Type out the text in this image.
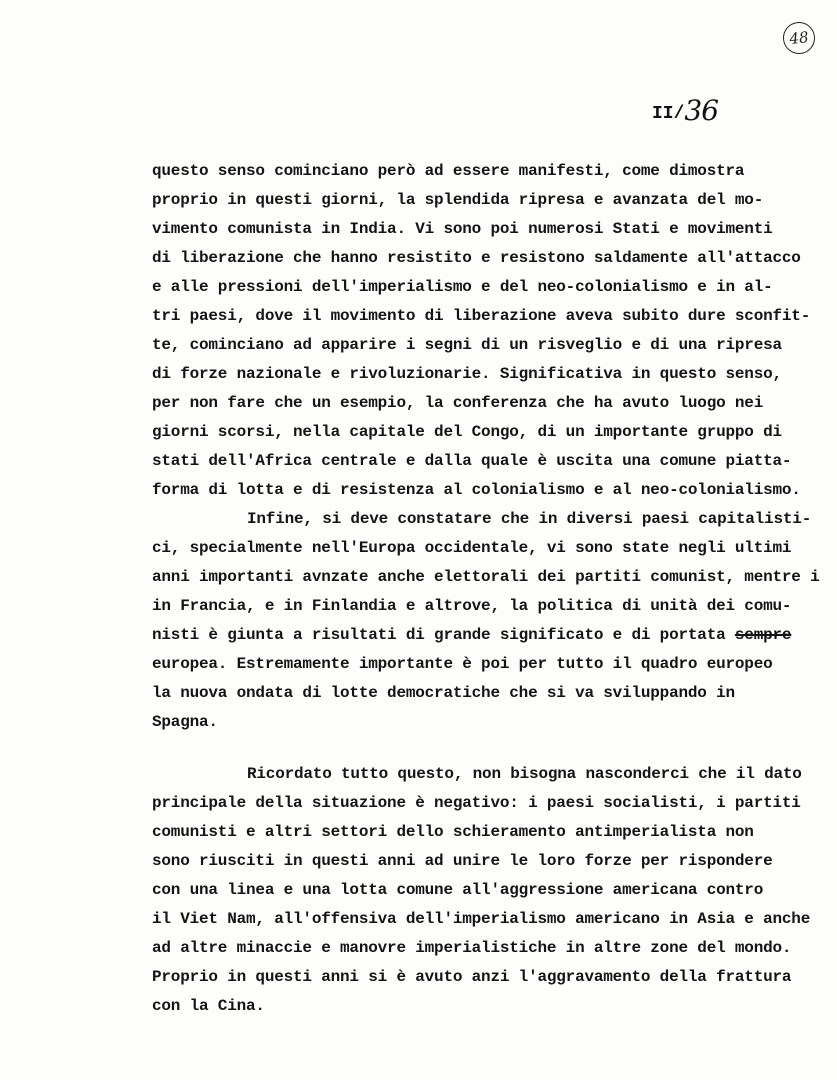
48
II/36
questo senso cominciano però ad essere manifesti, come dimostra
proprio in questi giorni, la splendida ripresa e avanzata del mo-
vimento comunista in India. Vi sono poi numerosi Stati e movimenti
di liberazione che hanno resistito e resistono saldamente all'attacco
e alle pressioni dell'imperialismo e del neo-colonialismo e in al-
tri paesi, dove il movimento di liberazione aveva subito dure sconfit-
te, cominciano ad apparire i segni di un risveglio e di una ripresa
di forze nazionale e rivoluzionarie. Significativa in questo senso,
per non fare che un esempio, la conferenza che ha avuto luogo nei
giorni scorsi, nella capitale del Congo, di un importante gruppo di
stati dell'Africa centrale e dalla quale è uscita una comune piatta-
forma di lotta e di resistenza al colonialismo e al neo-colonialismo.
Infine, si deve constatare che in diversi paesi capitalisti-
ci, specialmente nell'Europa occidentale, vi sono state negli ultimi
anni importanti avnzate anche elettorali dei partiti comunist, mentre i
in Francia, e in Finlandia e altrove, la politica di unità dei comu-
nisti è giunta a risultati di grande significato e di portata sempre
europea. Estremamente importante è poi per tutto il quadro europeo
la nuova ondata di lotte democratiche che si va sviluppando in
Spagna.
Ricordato tutto questo, non bisogna nasconderci che il dato
principale della situazione è negativo: i paesi socialisti, i partiti
comunisti e altri settori dello schieramento antimperialista non
sono riusciti in questi anni ad unire le loro forze per rispondere
con una linea e una lotta comune all'aggressione americana contro
il Viet Nam, all'offensiva dell'imperialismo americano in Asia e anche
ad altre minaccie e manovre imperialistiche in altre zone del mondo.
Proprio in questi anni si è avuto anzi l'aggravamento della frattura
con la Cina.
